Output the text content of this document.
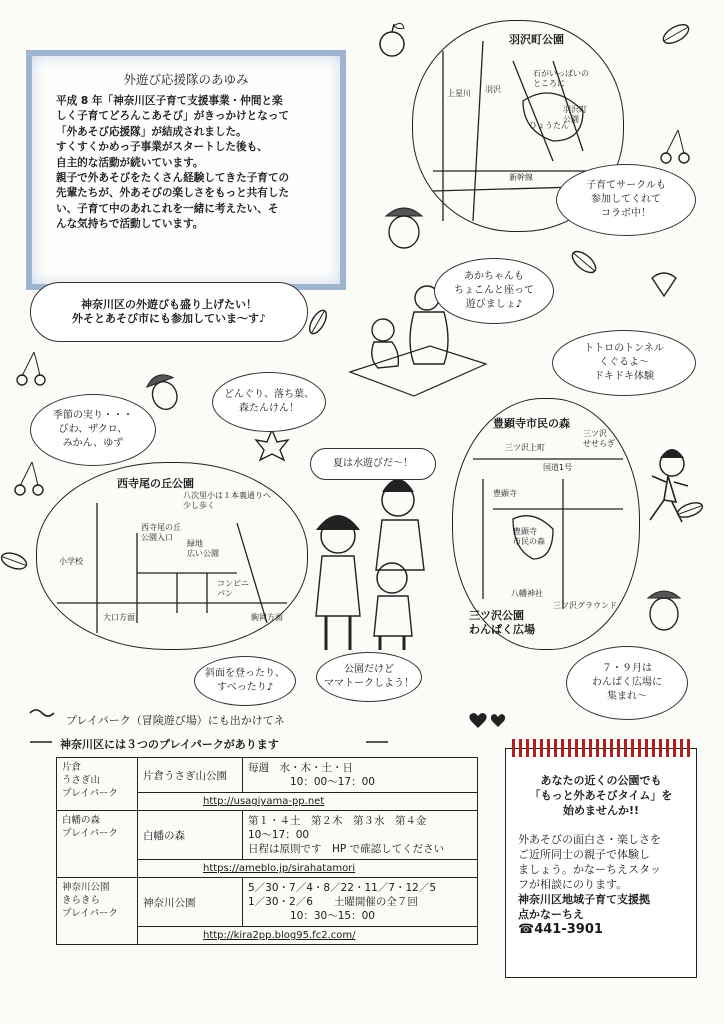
外遊び応援隊のあゆみ

平成 8 年「神奈川区子育て支援事業・仲間と楽
しく子育てどろんこあそび」がきっかけとなって
「外あそび応援隊」が結成されました。
すくすくかめっ子事業がスタートした後も、
自主的な活動が続いています。
親子で外あそびをたくさん経験してきた子育ての
先輩たちが、外あそびの楽しさをもっと共有した
い、子育て中のあれこれを一緒に考えたい、そ
んな気持ちで活動しています。

羽沢町公園
上星川 羽沢
新幹線
ひょうたん
羽沢町
公園
石がいっぱいの
ところに
西寺尾の丘公園
八次里小は１本裏通りへ
少し歩く
西寺尾の丘
公園入口
緑地
広い公園
小学校
大口方面	駒岡方面
コンビニ
パン
豊顕寺市民の森
三ツ沢上町
国道1号
三ツ沢
せせらぎ
豊顕寺
豊顕寺
市民の森
八幡神社
三ツ沢グラウンド
三ツ沢公園
わんぱく広場
神奈川区の外遊びも盛り上げたい！
外そとあそび市にも参加していま〜す♪
子育てサークルも
参加してくれて
コラボ中！
あかちゃんも
ちょこんと座って
遊びましょ♪
トトロのトンネル
くぐるよ〜
ドキドキ体験
どんぐり、落ち葉、
森たんけん！
季節の実り・・・
びわ、ザクロ、
みかん、ゆず
夏は水遊びだ〜！
斜面を登ったり、
すべったり♪
公園だけど
ママトークしよう！
７・９月は
わんぱく広場に
集まれ〜
プレイパーク（冒険遊び場）にも出かけてネ
神奈川区には３つのプレイパークがあります
片倉
うさぎ山
プレイパーク	片倉うさぎ山公園	毎週　水・木・土・日
　　　　10：00〜17：00
	http://usagiyama-pp.net	
白幡の森
プレイパーク	白幡の森	第１・４土　第２木　第３水　第４金
10〜17：00
日程は原則です　HP で確認してください
	https://ameblo.jp/sirahatamori	
神奈川公園
きらきら
プレイパーク	神奈川公園	5／30・7／4・8／22・11／7・12／5
1／30・2／6　　土曜開催の全７回
　　　　10：30〜15：00
	http://kira2pp.blog95.fc2.com/	

あなたの近くの公園でも
「もっと外あそびタイム」を
始めませんか!!

外あそびの面白さ・楽しさを
ご近所同士の親子で体験し
ましょう。かなーちえスタッ
フが相談にのります。

神奈川区地域子育て支援拠
点かなーちえ

☎441-3901
